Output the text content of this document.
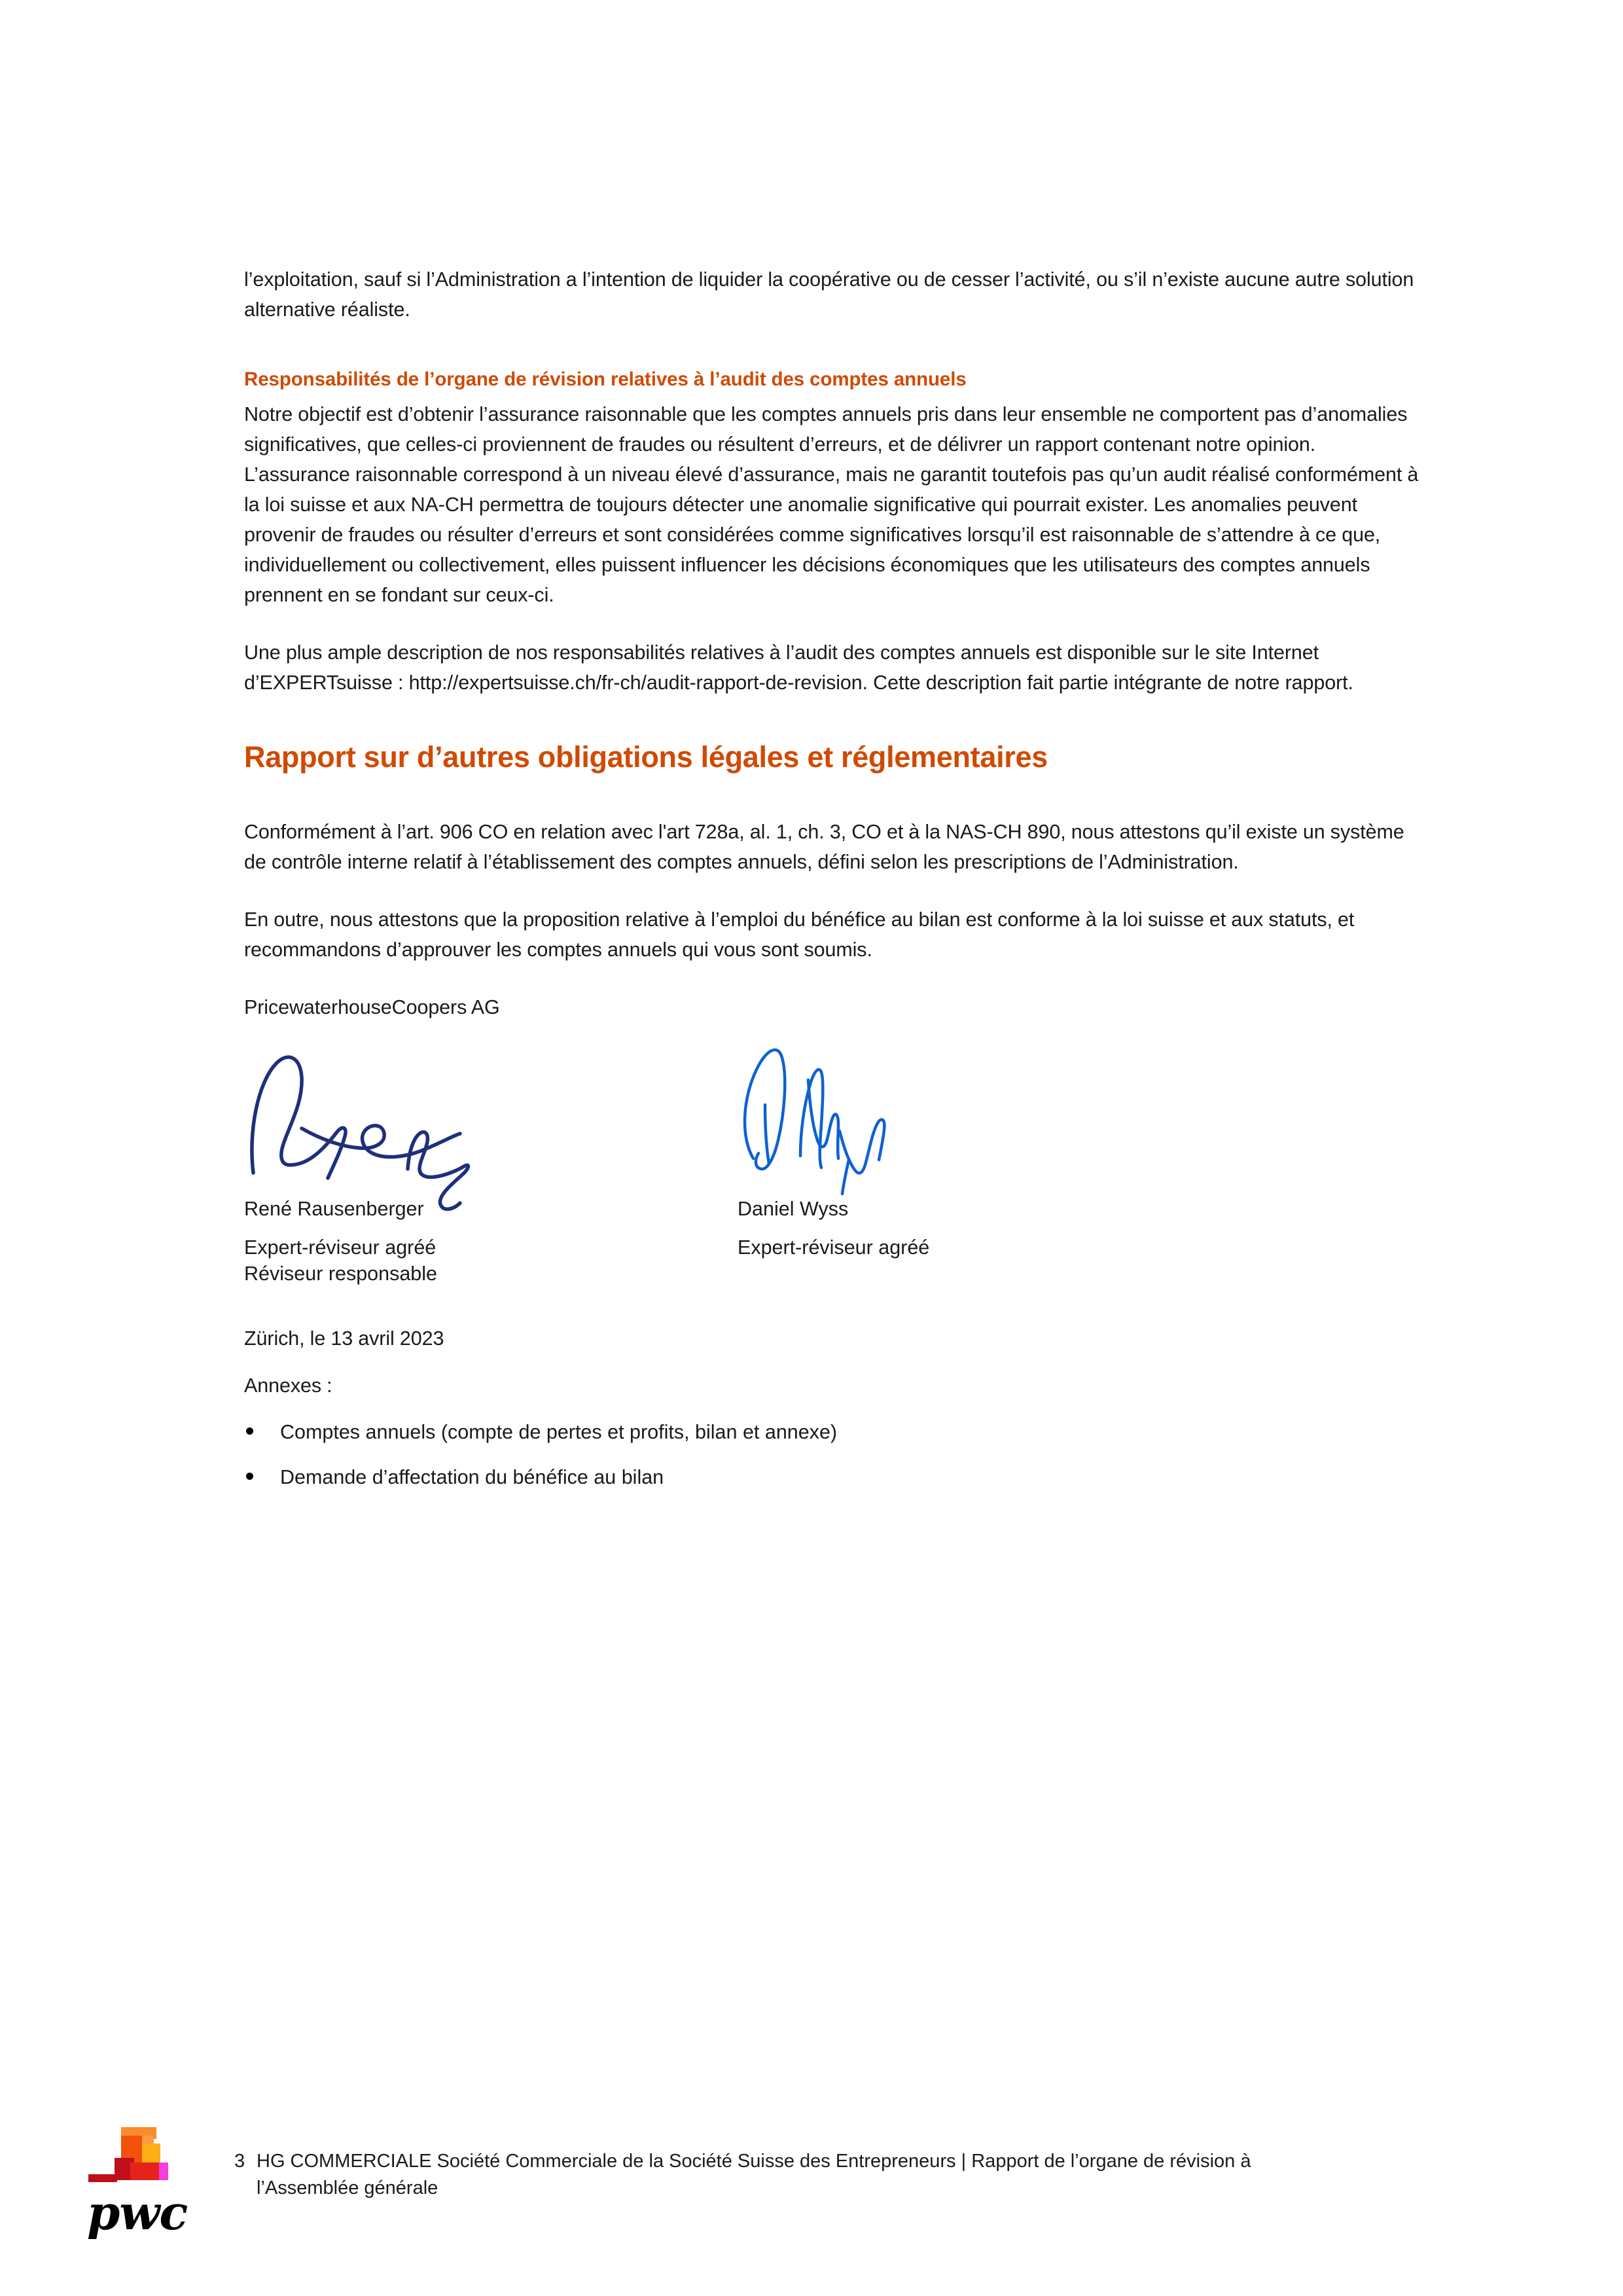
l’exploitation, sauf si l’Administration a l’intention de liquider la coopérative ou de cesser l’activité, ou s’il n’existe aucune autre solution alternative réaliste.

Responsabilités de l’organe de révision relatives à l’audit des comptes annuels

Notre objectif est d’obtenir l’assurance raisonnable que les comptes annuels pris dans leur ensemble ne comportent pas d’anomalies significatives, que celles-ci proviennent de fraudes ou résultent d’erreurs, et de délivrer un rapport contenant notre opinion. L’assurance raisonnable correspond à un niveau élevé d’assurance, mais ne garantit toutefois pas qu’un audit réalisé conformément à la loi suisse et aux NA-CH permettra de toujours détecter une anomalie significative qui pourrait exister. Les anomalies peuvent provenir de fraudes ou résulter d’erreurs et sont considérées comme significatives lorsqu’il est raisonnable de s’attendre à ce que, individuellement ou collectivement, elles puissent influencer les décisions économiques que les utilisateurs des comptes annuels prennent en se fondant sur ceux-ci.

Une plus ample description de nos responsabilités relatives à l’audit des comptes annuels est disponible sur le site Internet d’EXPERTsuisse : http://expertsuisse.ch/fr-ch/audit-rapport-de-revision. Cette description fait partie intégrante de notre rapport.

Rapport sur d’autres obligations légales et réglementaires

Conformément à l’art. 906 CO en relation avec l'art 728a, al. 1, ch. 3, CO et à la NAS-CH 890, nous attestons qu’il existe un système de contrôle interne relatif à l’établissement des comptes annuels, défini selon les prescriptions de l’Administration.

En outre, nous attestons que la proposition relative à l’emploi du bénéfice au bilan est conforme à la loi suisse et aux statuts, et recommandons d’approuver les comptes annuels qui vous sont soumis.

PricewaterhouseCoopers AG

René Rausenberger	Daniel Wyss
Expert-réviseur agréé
Réviseur responsable
Expert-réviseur agréé

Zürich, le 13 avril 2023

Annexes :

Comptes annuels (compte de pertes et profits, bilan et annexe)
Demande d’affectation du bénéfice au bilan
pwc
3 HG COMMERCIALE Société Commerciale de la Société Suisse des Entrepreneurs | Rapport de l’organe de révision à
l’Assemblée générale
